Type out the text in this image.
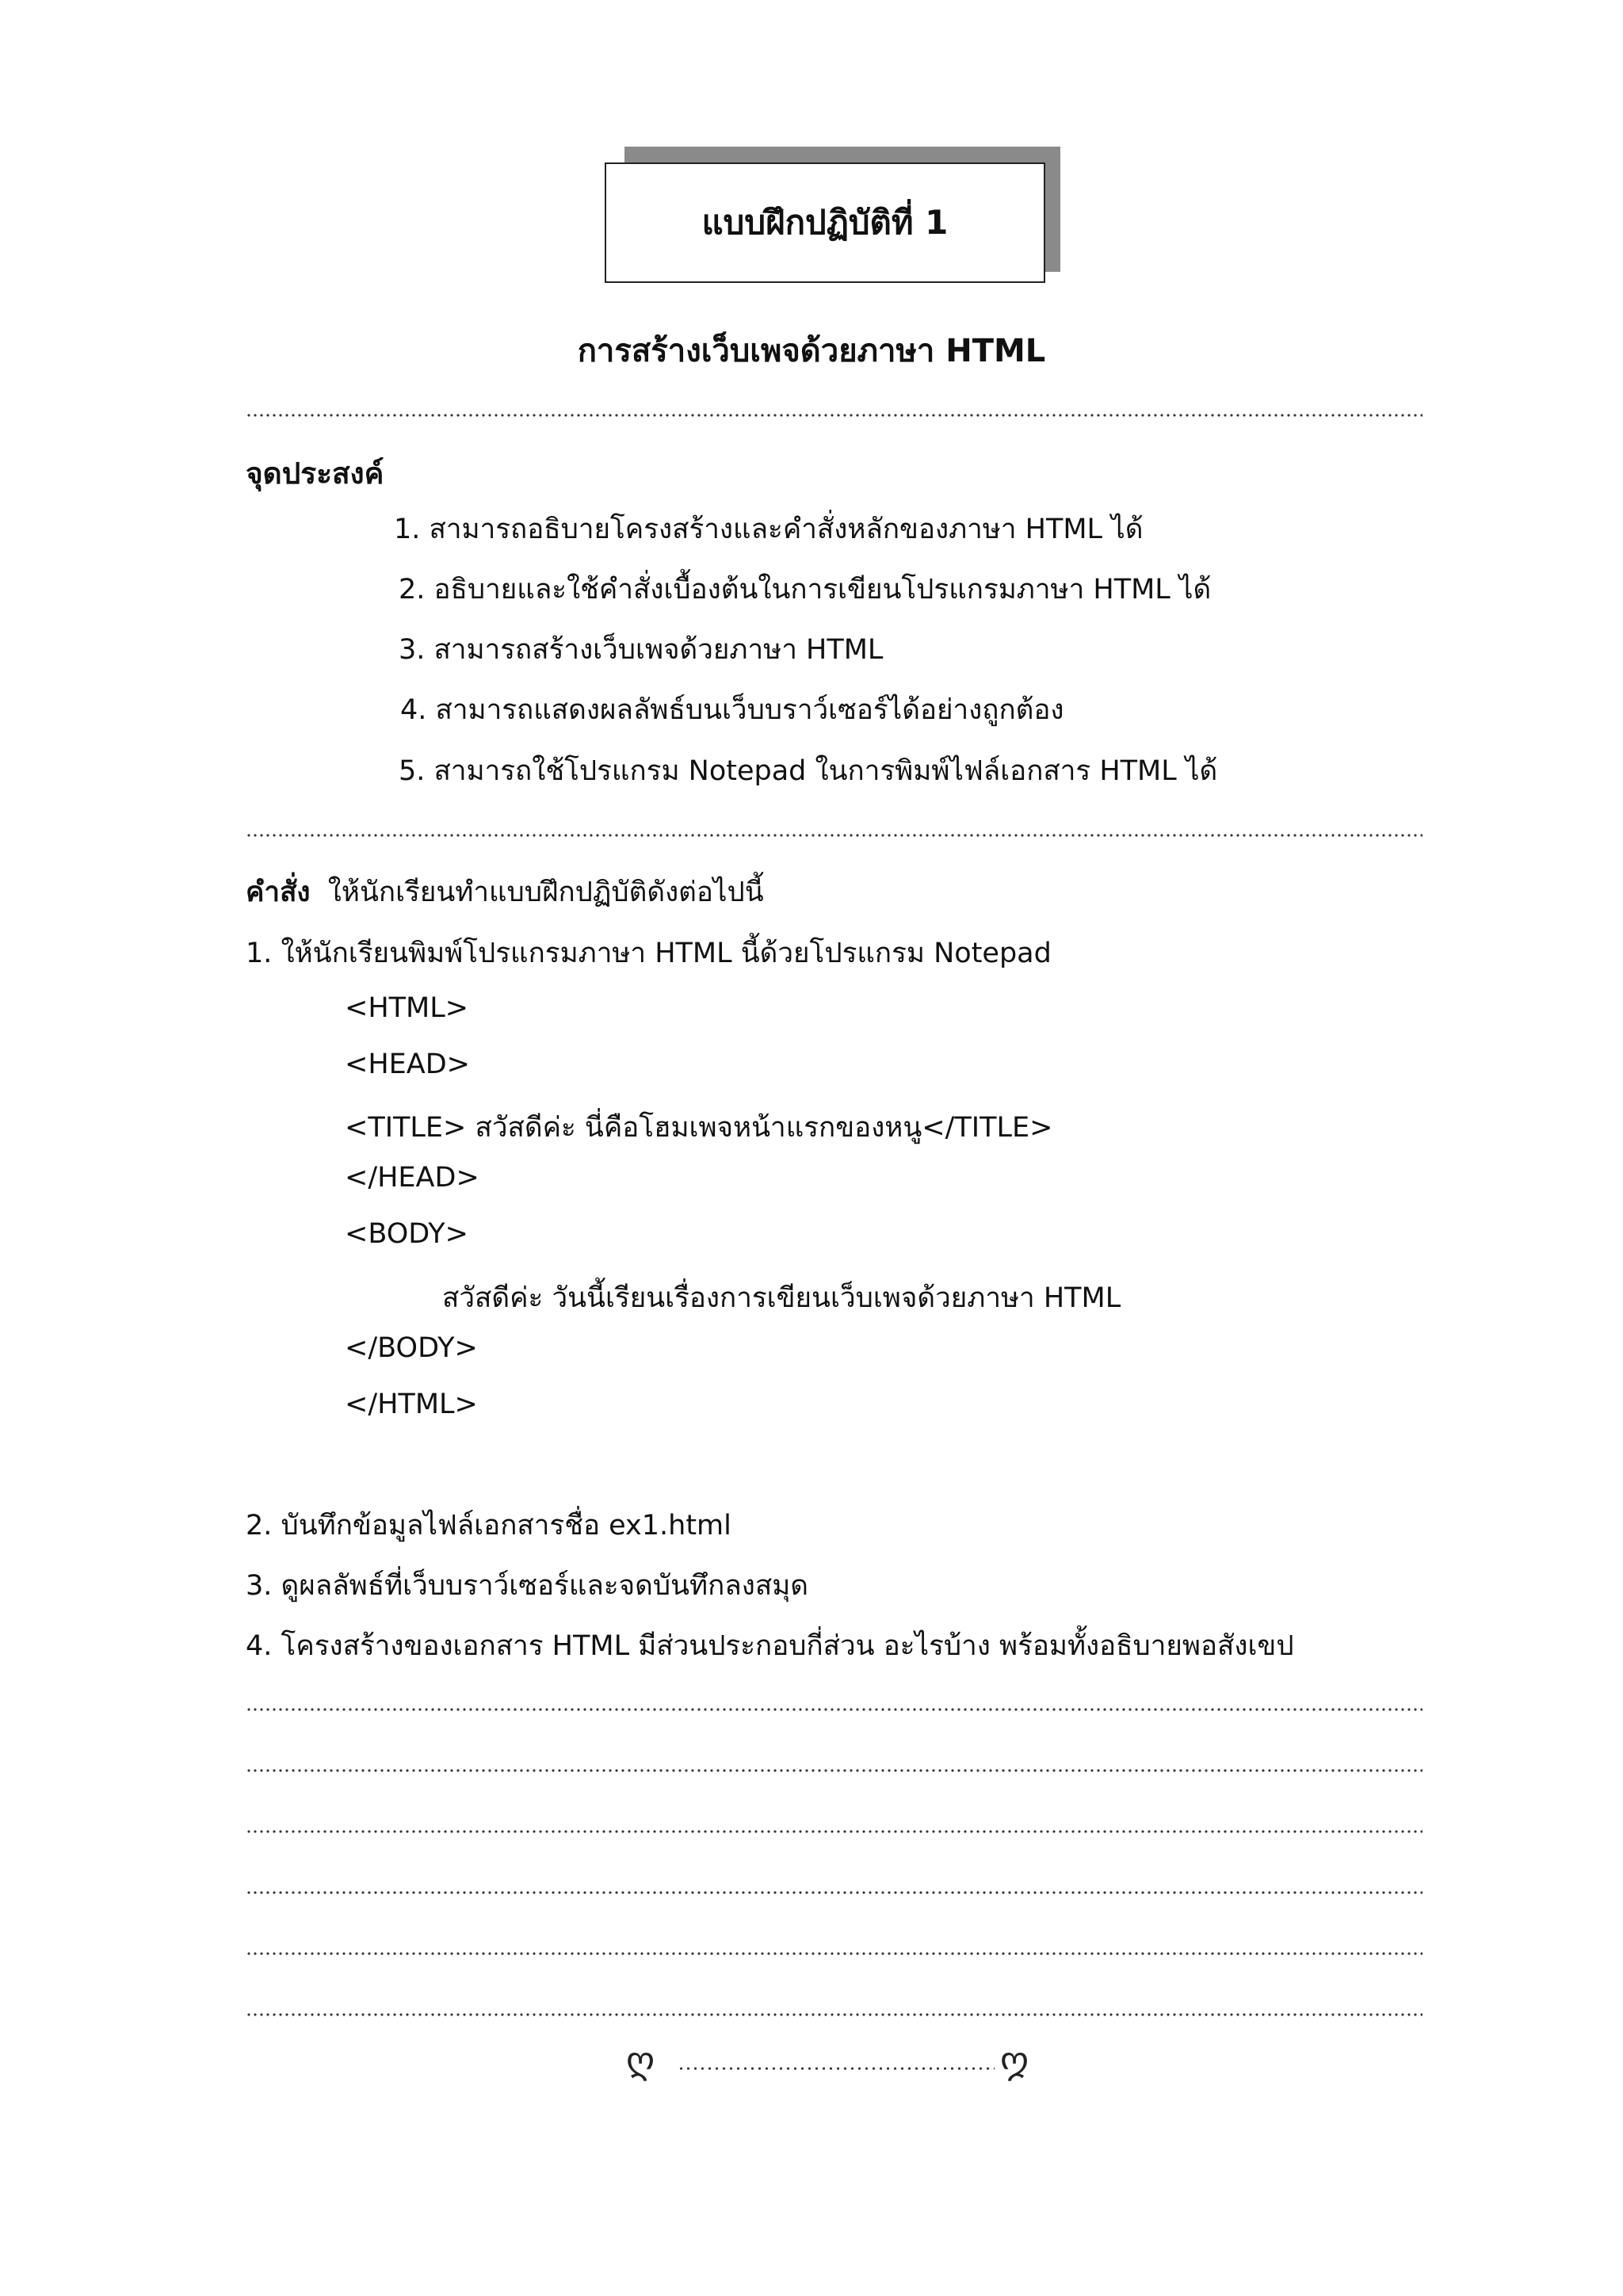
แบบฝึกปฏิบัติที่ 1
การสร้างเว็บเพจด้วยภาษา HTML
จุดประสงค์
1. สามารถอธิบายโครงสร้างและคำสั่งหลักของภาษา HTML ได้
2. อธิบายและใช้คำสั่งเบื้องต้นในการเขียนโปรแกรมภาษา HTML ได้
3. สามารถสร้างเว็บเพจด้วยภาษา HTML
4. สามารถแสดงผลลัพธ์บนเว็บบราว์เซอร์ได้อย่างถูกต้อง
5. สามารถใช้โปรแกรม Notepad ในการพิมพ์ไฟล์เอกสาร HTML ได้
คำสั่ง ให้นักเรียนทำแบบฝึกปฏิบัติดังต่อไปนี้
1. ให้นักเรียนพิมพ์โปรแกรมภาษา HTML นี้ด้วยโปรแกรม Notepad
<HTML>
<HEAD>
<TITLE> สวัสดีค่ะ นี่คือโฮมเพจหน้าแรกของหนู</TITLE>
</HEAD>
<BODY>
สวัสดีค่ะ วันนี้เรียนเรื่องการเขียนเว็บเพจด้วยภาษา HTML
</BODY>
</HTML>
2. บันทึกข้อมูลไฟล์เอกสารชื่อ ex1.html
3. ดูผลลัพธ์ที่เว็บบราว์เซอร์และจดบันทึกลงสมุด
4. โครงสร้างของเอกสาร HTML มีส่วนประกอบกี่ส่วน อะไรบ้าง พร้อมทั้งอธิบายพอสังเขป
ღ	ღ
